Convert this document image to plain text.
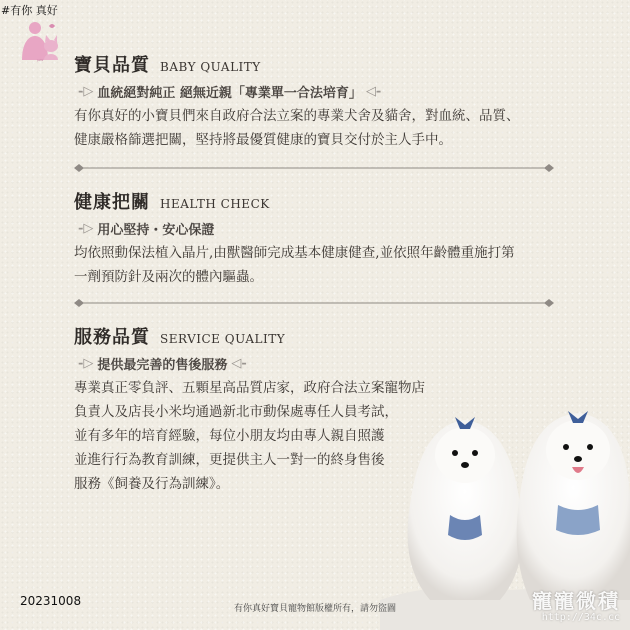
#有你 真好
pets 寶貝品質 BABY QUALITY
-▷ 血統絕對純正 絕無近親「專業單一合法培育」 ◁-
有你真好的小寶貝們來自政府合法立案的專業犬舍及貓舍，對血統、品質、
健康嚴格篩選把關，堅持將最優質健康的寶貝交付於主人手中。
健康把關 HEALTH CHECK
-▷ 用心堅持・安心保證
均依照動保法植入晶片,由獸醫師完成基本健康健查,並依照年齡體重施打第
一劑預防針及兩次的體內驅蟲。
服務品質 SERVICE QUALITY
-▷ 提供最完善的售後服務 ◁-
專業真正零負評、五顆星高品質店家，政府合法立案寵物店
負責人及店長小米均通過新北市動保處專任人員考試，
並有多年的培育經驗，每位小朋友均由專人親自照護
並進行行為教育訓練，更提供主人一對一的終身售後
服務《飼養及行為訓練》。
20231008
有你真好寶貝寵物館版權所有，請勿盜圖	寵寵微積
http://34c.cc
